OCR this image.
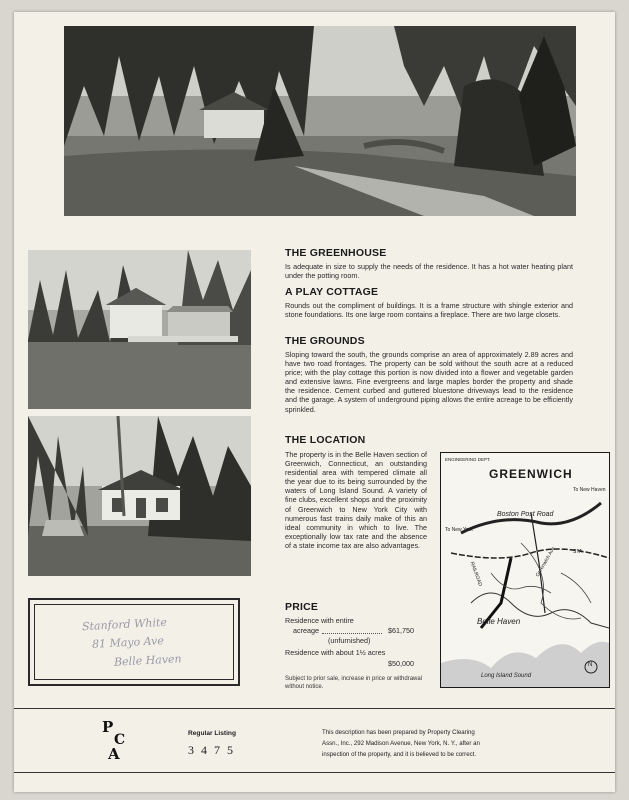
THE GREENHOUSE

Is adequate in size to supply the needs of the residence. It has a hot water heating plant under the potting room.

A PLAY COTTAGE

Rounds out the compliment of buildings. It is a frame structure with shingle exterior and stone foundations. Its one large room contains a fireplace. There are two large closets.

THE GROUNDS

Sloping toward the south, the grounds comprise an area of approximately 2.89 acres and have two road frontages. The property can be sold without the south acre at a reduced price; with the play cottage this portion is now divided into a flower and vegetable garden and extensive lawns. Fine evergreens and large maples border the property and shade the residence. Cement curbed and guttered bluestone driveways lead to the residence and the garage. A system of underground piping allows the entire acreage to be efficiently sprinkled.

THE LOCATION

The property is in the Belle Haven section of Greenwich, Connecticut, an outstanding residential area with tempered climate all the year due to its being surrounded by the waters of Long Island Sound. A variety of fine clubs, excellent shops and the proximity of Greenwich to New York City with numerous fast trains daily make of this an ideal community in which to live. The exceptionally low tax rate and the absence of a state income tax are also advantages.

PRICE

Residence with entire

acreage	$61,750

(unfurnished)

Residence with about 1½ acres

$50,000

Subject to prior sale, increase in price or withdrawal without notice.

Stanford White
81 Mayo Ave
Belle Haven
ENGINEERING DEPT.
GREENWICH
To New Haven
Boston Post Road
To New York
RAILROAD	Greenwich Ave	STA.
Belle Haven
Long Island Sound
N
P
C
A

Regular Listing

3 4 7 5

This description has been prepared by Property Clearing

Assn., Inc., 292 Madison Avenue, New York, N. Y., after an

inspection of the property, and it is believed to be correct.
